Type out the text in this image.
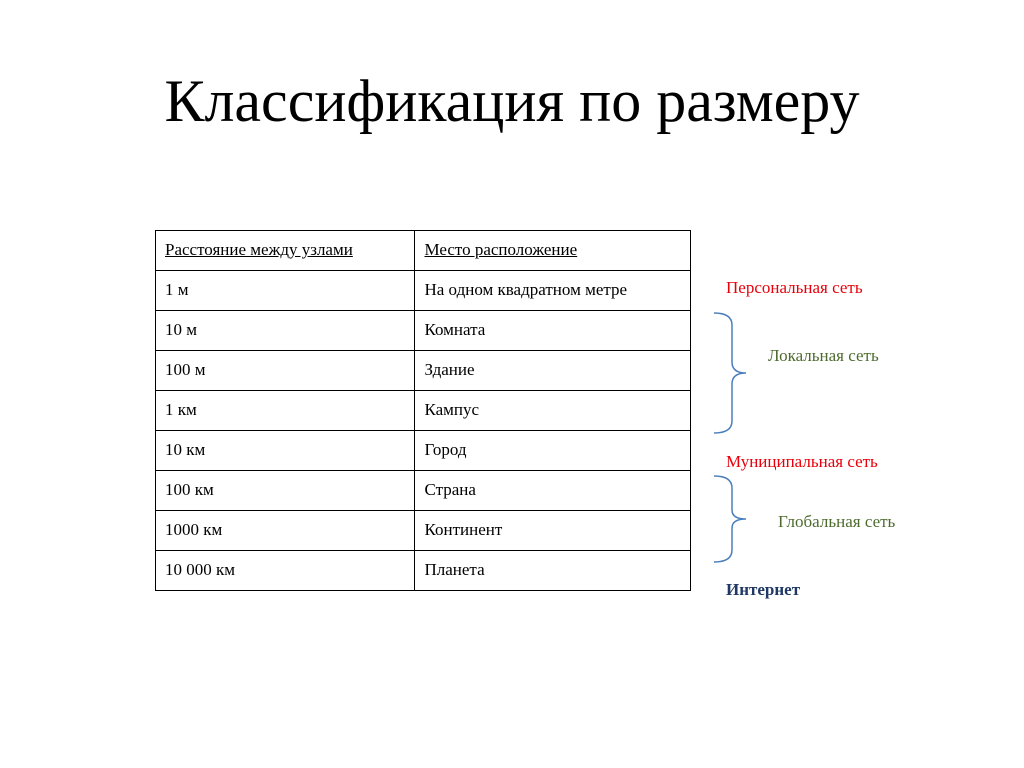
Классификация по размеру
Расстояние между узлами	Место расположение
1 м	На одном квадратном метре
10 м	Комната
100 м	Здание
1 км	Кампус
10 км	Город
100 км	Страна
1000 км	Континент
10 000 км	Планета
Персональная сеть
Локальная сеть
Муниципальная сеть
Глобальная сеть
Интернет
